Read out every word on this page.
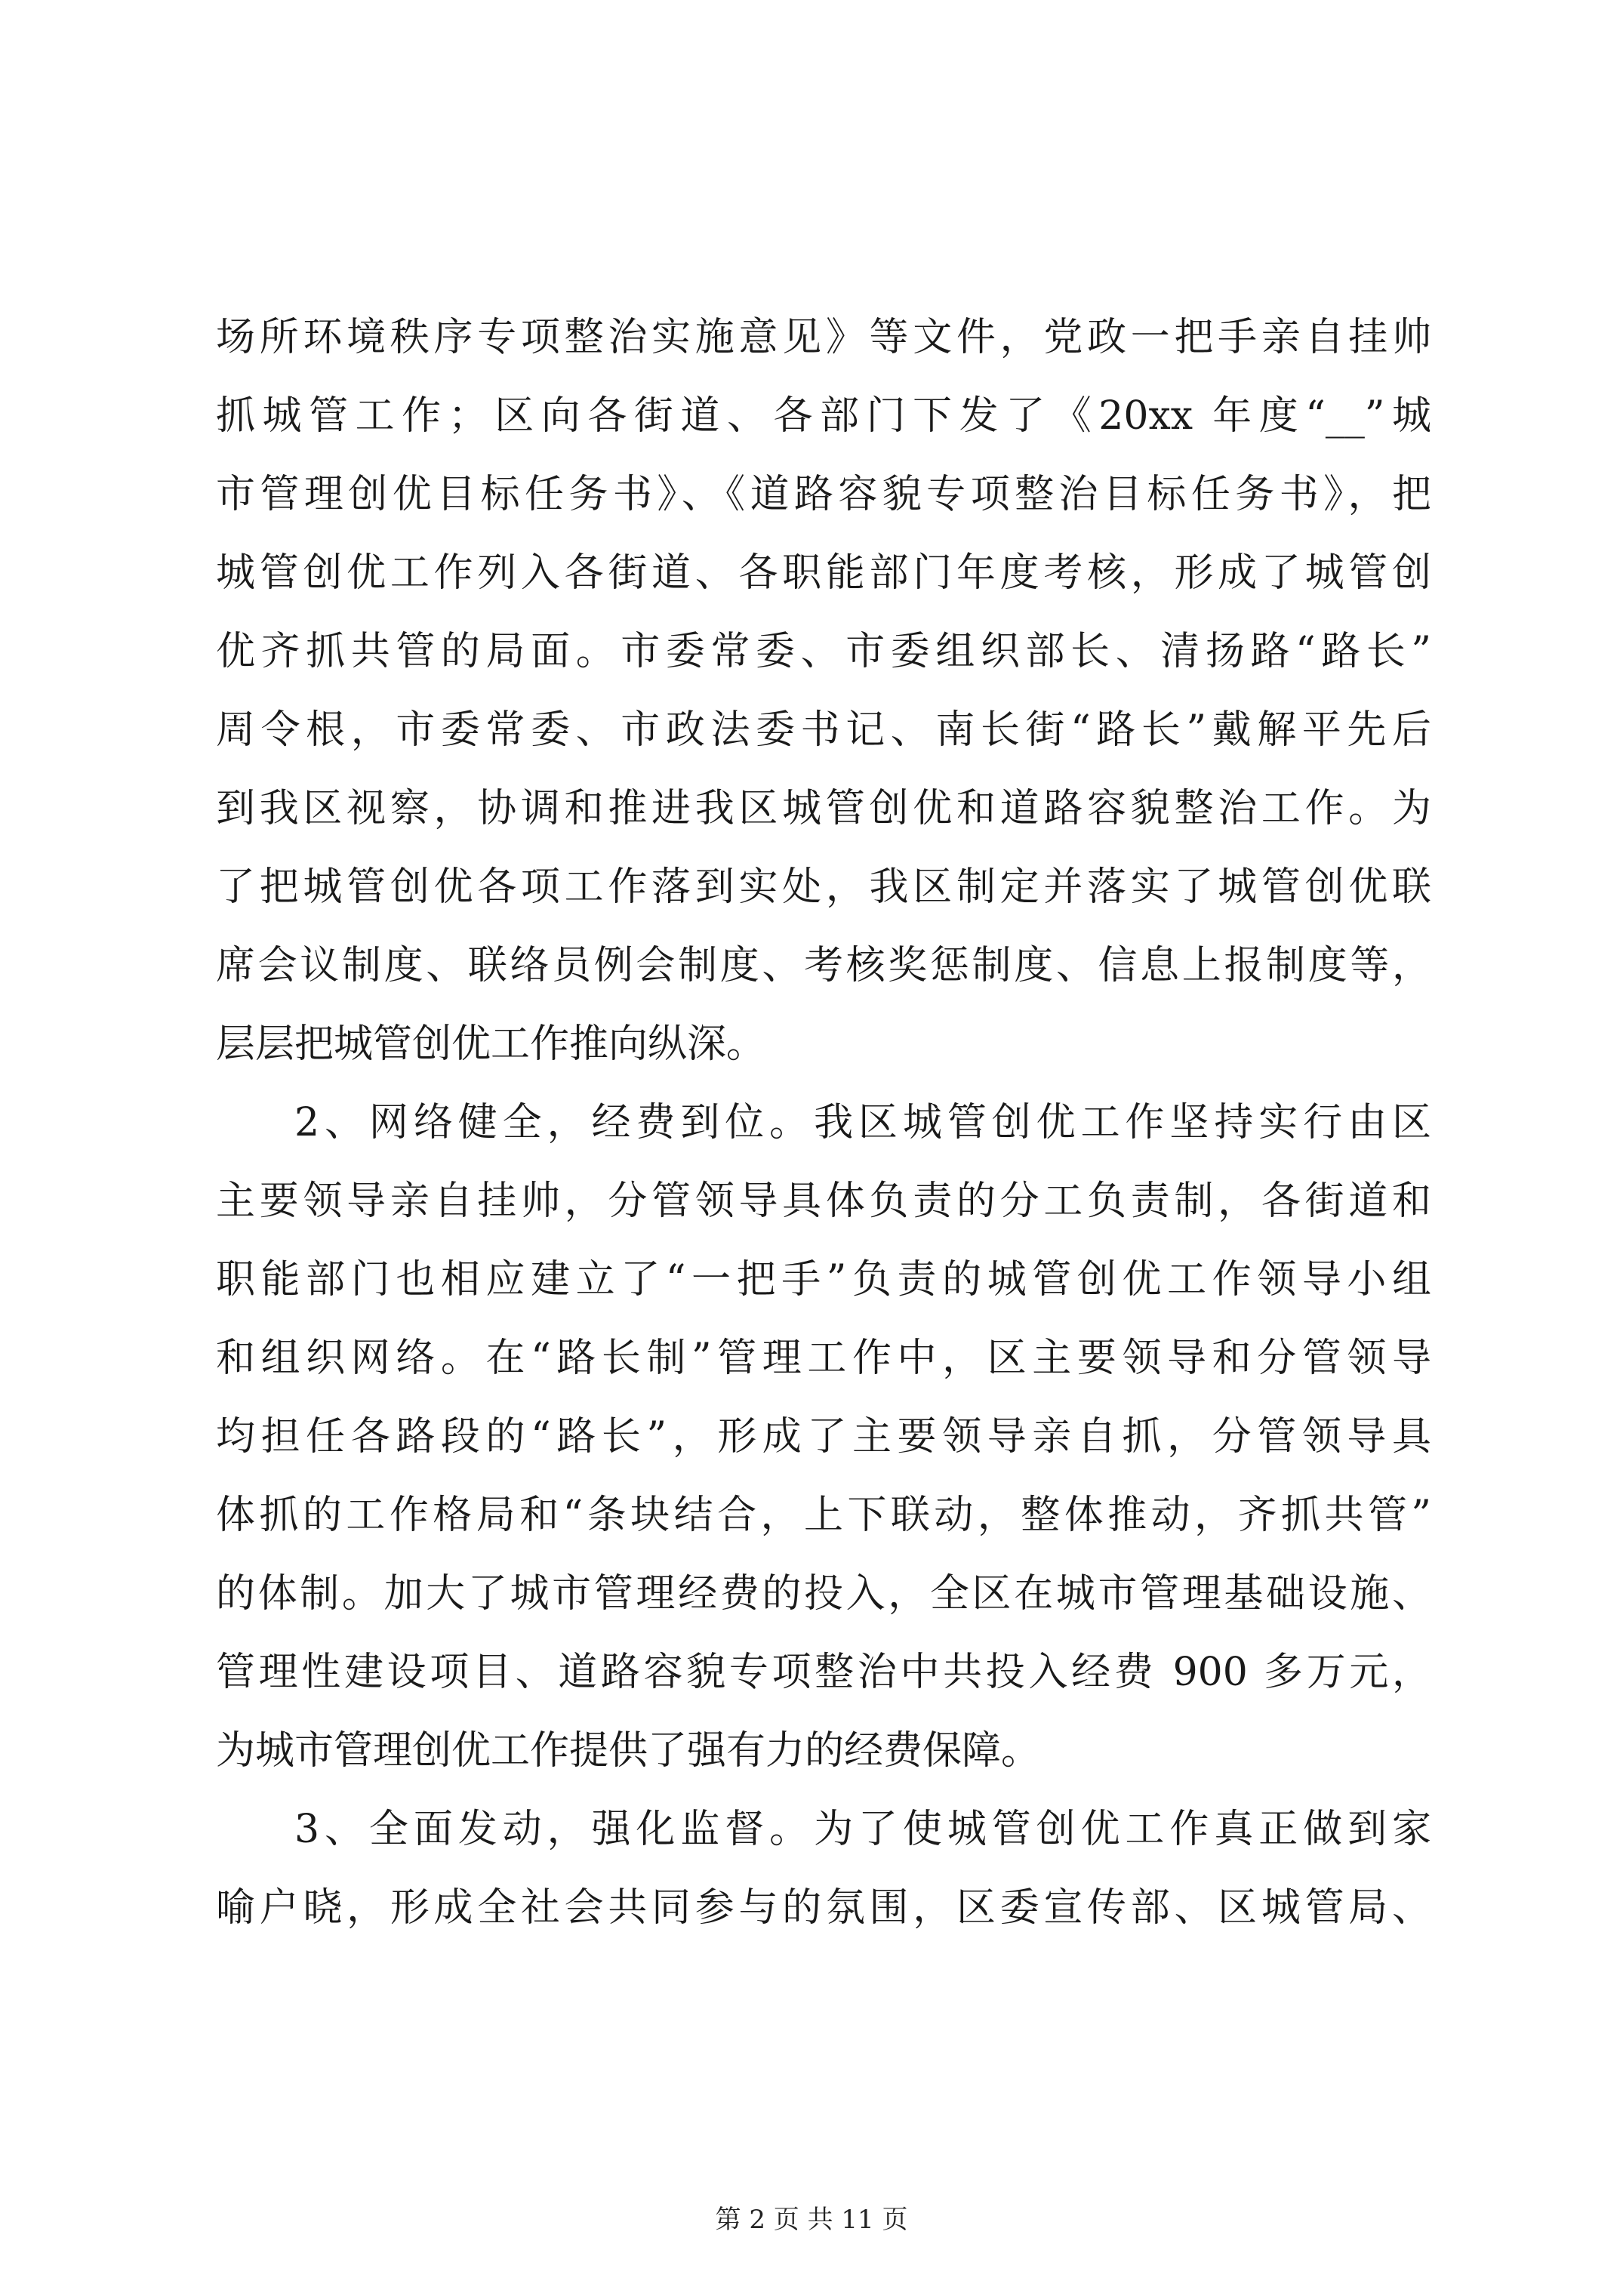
场所环境秩序专项整治实施意见》等文件，党政一把手亲自挂帅
抓城管工作；区向各街道、各部门下发了《20xx 年度“__”城
市管理创优目标任务书》、《道路容貌专项整治目标任务书》，把
城管创优工作列入各街道、各职能部门年度考核，形成了城管创
优齐抓共管的局面。市委常委、市委组织部长、清扬路“路长”
周令根，市委常委、市政法委书记、南长街“路长”戴解平先后
到我区视察，协调和推进我区城管创优和道路容貌整治工作。为
了把城管创优各项工作落到实处，我区制定并落实了城管创优联
席会议制度、联络员例会制度、考核奖惩制度、信息上报制度等，
层层把城管创优工作推向纵深。
2、网络健全，经费到位。我区城管创优工作坚持实行由区
主要领导亲自挂帅，分管领导具体负责的分工负责制，各街道和
职能部门也相应建立了“一把手”负责的城管创优工作领导小组
和组织网络。在“路长制”管理工作中，区主要领导和分管领导
均担任各路段的“路长”，形成了主要领导亲自抓，分管领导具
体抓的工作格局和“条块结合，上下联动，整体推动，齐抓共管”
的体制。加大了城市管理经费的投入，全区在城市管理基础设施、
管理性建设项目、道路容貌专项整治中共投入经费 900 多万元，
为城市管理创优工作提供了强有力的经费保障。
3、全面发动，强化监督。为了使城管创优工作真正做到家
喻户晓，形成全社会共同参与的氛围，区委宣传部、区城管局、
第 2 页 共 11 页
